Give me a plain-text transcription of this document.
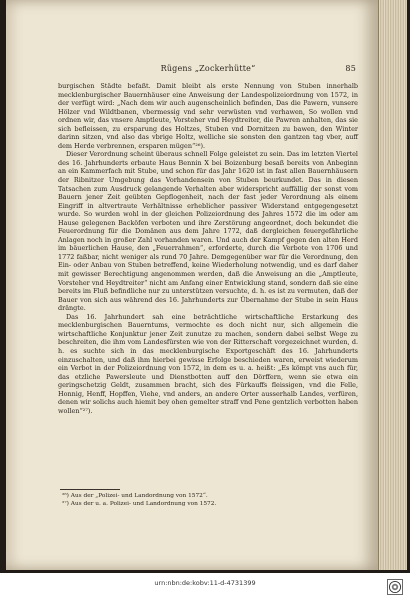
Rügens „Zockerhütte“	85

burgischen Städte befaßt. Damit bleibt als erste Nennung von Stuben innerhalb mecklenburgischer Bauernhäuser eine Anweisung der Landespolizeiordnung von 1572, in der verfügt wird: „Nach dem wir auch augenscheinlich befinden, Das die Pawern, vunsere Hölzer vnd Wildtbanen, vbermessig vnd sehr verwüsten vnd verhawen, So wollen vnd ordnen wir, das vnsere Amptleute, Vorsteher vnd Heydtreiter, die Pawren anhalten, das sie sich befleissen, zu ersparung des Holtzes, Stuben vnd Dornitzen zu bawen, den Winter darinn sitzen, vnd also das vbrige Holtz, welliche sie sonsten den gantzen tag vber, auff dem Herde verbrennen, ersparen mügen“²⁶).

Dieser Verordnung scheint überaus schnell Folge geleistet zu sein. Das im letzten Viertel des 16. Jahrhunderts erbaute Haus Bennin X bei Boizenburg besaß bereits von Anbeginn an ein Kammerfach mit Stube, und schon für das Jahr 1620 ist in fast allen Bauernhäusern der Ribnitzer Umgebung das Vorhandensein von Stuben beurkundet. Das in diesen Tatsachen zum Ausdruck gelangende Verhalten aber widerspricht auffällig der sonst vom Bauern jener Zeit geübten Gepflogenheit, nach der fast jeder Verordnung als einem Eingriff in altvertraute Verhältnisse erheblicher passiver Widerstand entgegengesetzt wurde. So wurden wohl in der gleichen Polizeiordnung des Jahres 1572 die im oder am Hause gelegenen Backöfen verboten und ihre Zerstörung angeordnet, doch bekundet die Feuerordnung für die Domänen aus dem Jahre 1772, daß dergleichen feuergefährliche Anlagen noch in großer Zahl vorhanden waren. Und auch der Kampf gegen den alten Herd im bäuerlichen Hause, den „Feuerrahmen“, erforderte, durch die Verbote von 1706 und 1772 faßbar, nicht weniger als rund 70 Jahre. Demgegenüber war für die Verordnung, den Ein- oder Anbau von Stuben betreffend, keine Wiederholung notwendig, und es darf daher mit gewisser Berechtigung angenommen werden, daß die Anweisung an die „Amptleute, Vorsteher vnd Heydtreiter“ nicht am Anfang einer Entwicklung stand, sondern daß sie eine bereits im Fluß befindliche nur zu unterstützen versuchte, d. h. es ist zu vermuten, daß der Bauer von sich aus während des 16. Jahrhunderts zur Übernahme der Stube in sein Haus drängte.

Das 16. Jahrhundert sah eine beträchtliche wirtschaftliche Erstarkung des mecklenburgischen Bauerntums, vermochte es doch nicht nur, sich allgemein die wirtschaftliche Konjunktur jener Zeit zunutze zu machen, sondern dabei selbst Wege zu beschreiten, die ihm vom Landesfürsten wie von der Ritterschaft vorgezeichnet wurden, d. h. es suchte sich in das mecklenburgische Exportgeschäft des 16. Jahrhunderts einzuschalten, und daß ihm hierbei gewisse Erfolge beschieden waren, erweist wiederum ein Verbot in der Polizeiordnung von 1572, in dem es u. a. heißt: „Es kömpt vns auch für, das etzliche Pawersleute und Dienstbotten auff den Dörffern, wenn sie etwa ein geringschetzig Geldt, zusammen bracht, sich des Fürkauffs fleissigen, vnd die Felle, Honnig, Henff, Hopffen, Viehe, vnd anders, an andere Orter ausserhalb Landes, verfüren, denen wir solichs auch hiemit bey ohen gemelter straff vnd Pene gentzlich verbotten haben wollen“²⁷).

²⁶) Aus der „Polizei- und Landordnung von 1572“.
²⁷) Aus der u. a. Polizei- und Landordnung von 1572.
urn:nbn:de:kobv:11-d-4731399
